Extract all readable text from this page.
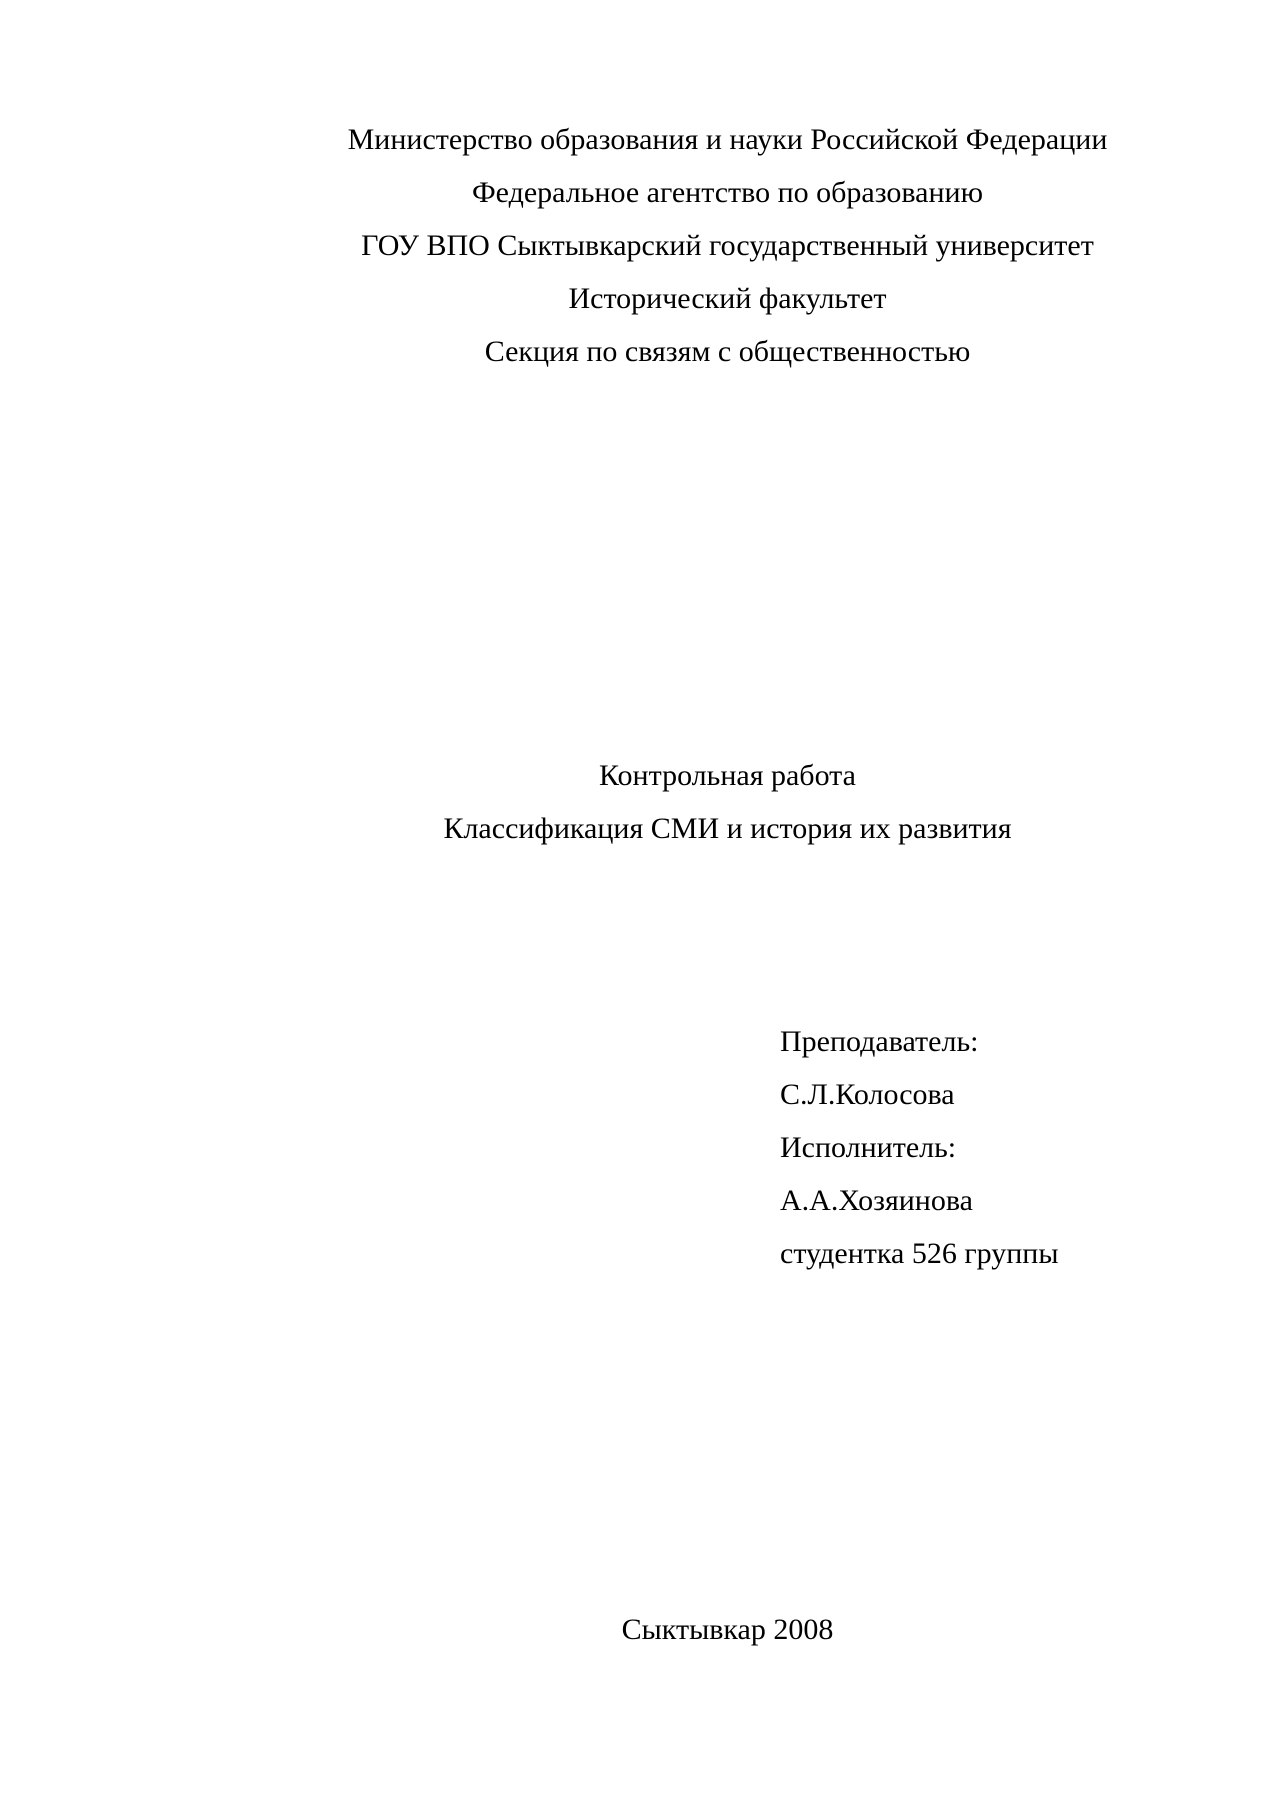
Министерство образования и науки Российской Федерации
Федеральное агентство по образованию
ГОУ ВПО Сыктывкарский государственный университет
Исторический факультет
Секция по связям с общественностью
Контрольная работа
Классификация СМИ и история их развития
Преподаватель:
С.Л.Колосова
Исполнитель:
А.А.Хозяинова
студентка 526 группы
Сыктывкар 2008
